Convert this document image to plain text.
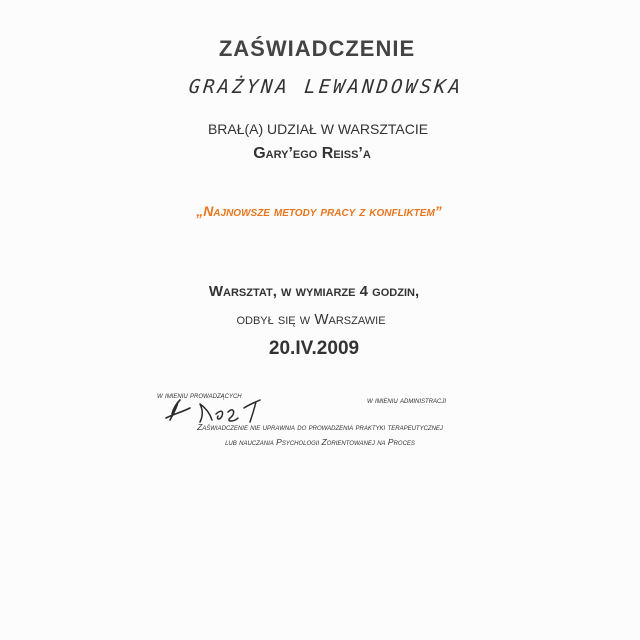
ZAŚWIADCZENIE
GRAŻYNA LEWANDOWSKA
BRAŁ(A) UDZIAŁ W WARSZTACIE
Gary’ego Reiss’a
„Najnowsze metody pracy z konfliktem”
Warsztat, w wymiarze 4 godzin,
odbył się w Warszawie
20.IV.2009
w imieniu prowadzących	w imieniu administracji
Zaświadczenie nie uprawnia do prowadzenia praktyki terapeutycznej
lub nauczania Psychologii Zorientowanej na Proces
